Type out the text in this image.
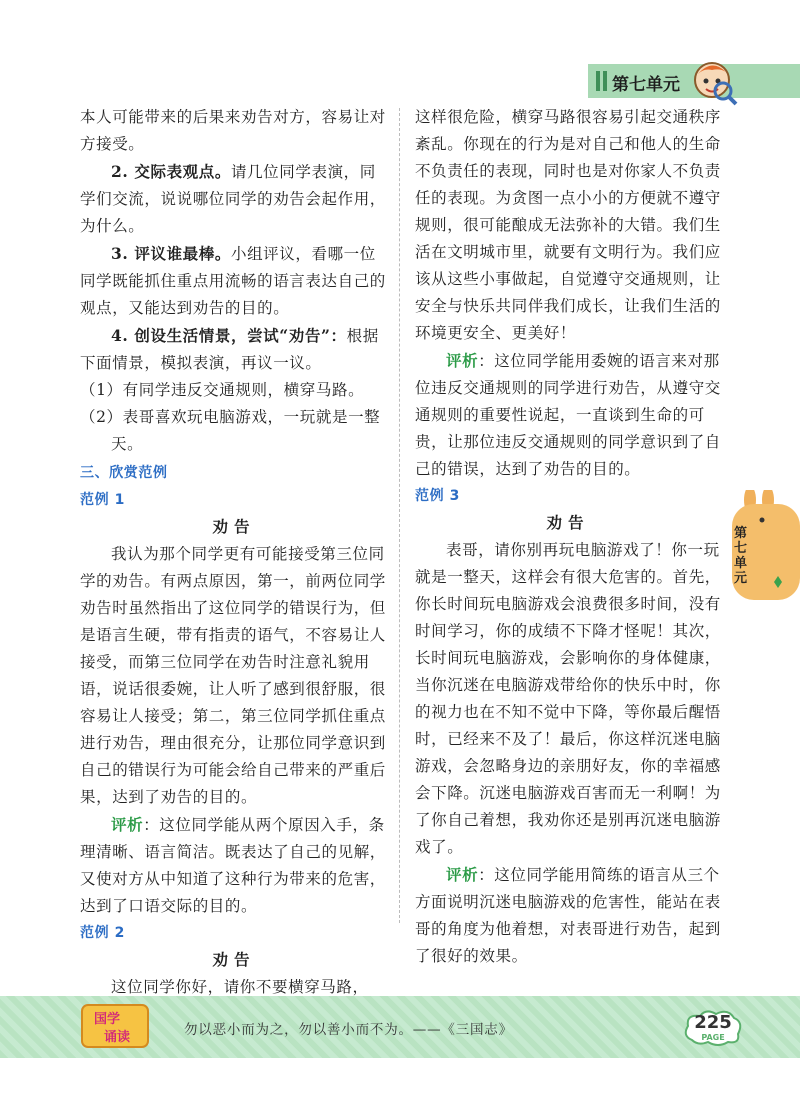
第七单元

本人可能带来的后果来劝告对方，容易让对方接受。

2. 交际表观点。请几位同学表演，同学们交流，说说哪位同学的劝告会起作用，为什么。

3. 评议谁最棒。小组评议，看哪一位同学既能抓住重点用流畅的语言表达自己的观点，又能达到劝告的目的。

4. 创设生活情景，尝试“劝告”：根据下面情景，模拟表演，再议一议。

（1）有同学违反交通规则，横穿马路。

（2）表哥喜欢玩电脑游戏，一玩就是一整天。

三、欣赏范例

范例 1

劝告

我认为那个同学更有可能接受第三位同学的劝告。有两点原因，第一，前两位同学劝告时虽然指出了这位同学的错误行为，但是语言生硬，带有指责的语气，不容易让人接受，而第三位同学在劝告时注意礼貌用语，说话很委婉，让人听了感到很舒服，很容易让人接受；第二，第三位同学抓住重点进行劝告，理由很充分，让那位同学意识到自己的错误行为可能会给自己带来的严重后果，达到了劝告的目的。

评析：这位同学能从两个原因入手，条理清晰、语言简洁。既表达了自己的见解，又使对方从中知道了这种行为带来的危害，达到了口语交际的目的。

范例 2

劝告

这位同学你好，请你不要横穿马路，

这样很危险，横穿马路很容易引起交通秩序紊乱。你现在的行为是对自己和他人的生命不负责任的表现，同时也是对你家人不负责任的表现。为贪图一点小小的方便就不遵守规则，很可能酿成无法弥补的大错。我们生活在文明城市里，就要有文明行为。我们应该从这些小事做起，自觉遵守交通规则，让安全与快乐共同伴我们成长，让我们生活的环境更安全、更美好！

评析：这位同学能用委婉的语言来对那位违反交通规则的同学进行劝告，从遵守交通规则的重要性说起，一直谈到生命的可贵，让那位违反交通规则的同学意识到了自己的错误，达到了劝告的目的。

范例 3

劝告

表哥，请你别再玩电脑游戏了！你一玩就是一整天，这样会有很大危害的。首先，你长时间玩电脑游戏会浪费很多时间，没有时间学习，你的成绩不下降才怪呢！其次，长时间玩电脑游戏，会影响你的身体健康，当你沉迷在电脑游戏带给你的快乐中时，你的视力也在不知不觉中下降，等你最后醒悟时，已经来不及了！最后，你这样沉迷电脑游戏，会忽略身边的亲朋好友，你的幸福感会下降。沉迷电脑游戏百害而无一利啊！为了你自己着想，我劝你还是别再沉迷电脑游戏了。

评析：这位同学能用简练的语言从三个方面说明沉迷电脑游戏的危害性，能站在表哥的角度为他着想，对表哥进行劝告，起到了很好的效果。

第七单元
国学
诵读	勿以恶小而为之，勿以善小而不为。——《三国志》	225
PAGE
